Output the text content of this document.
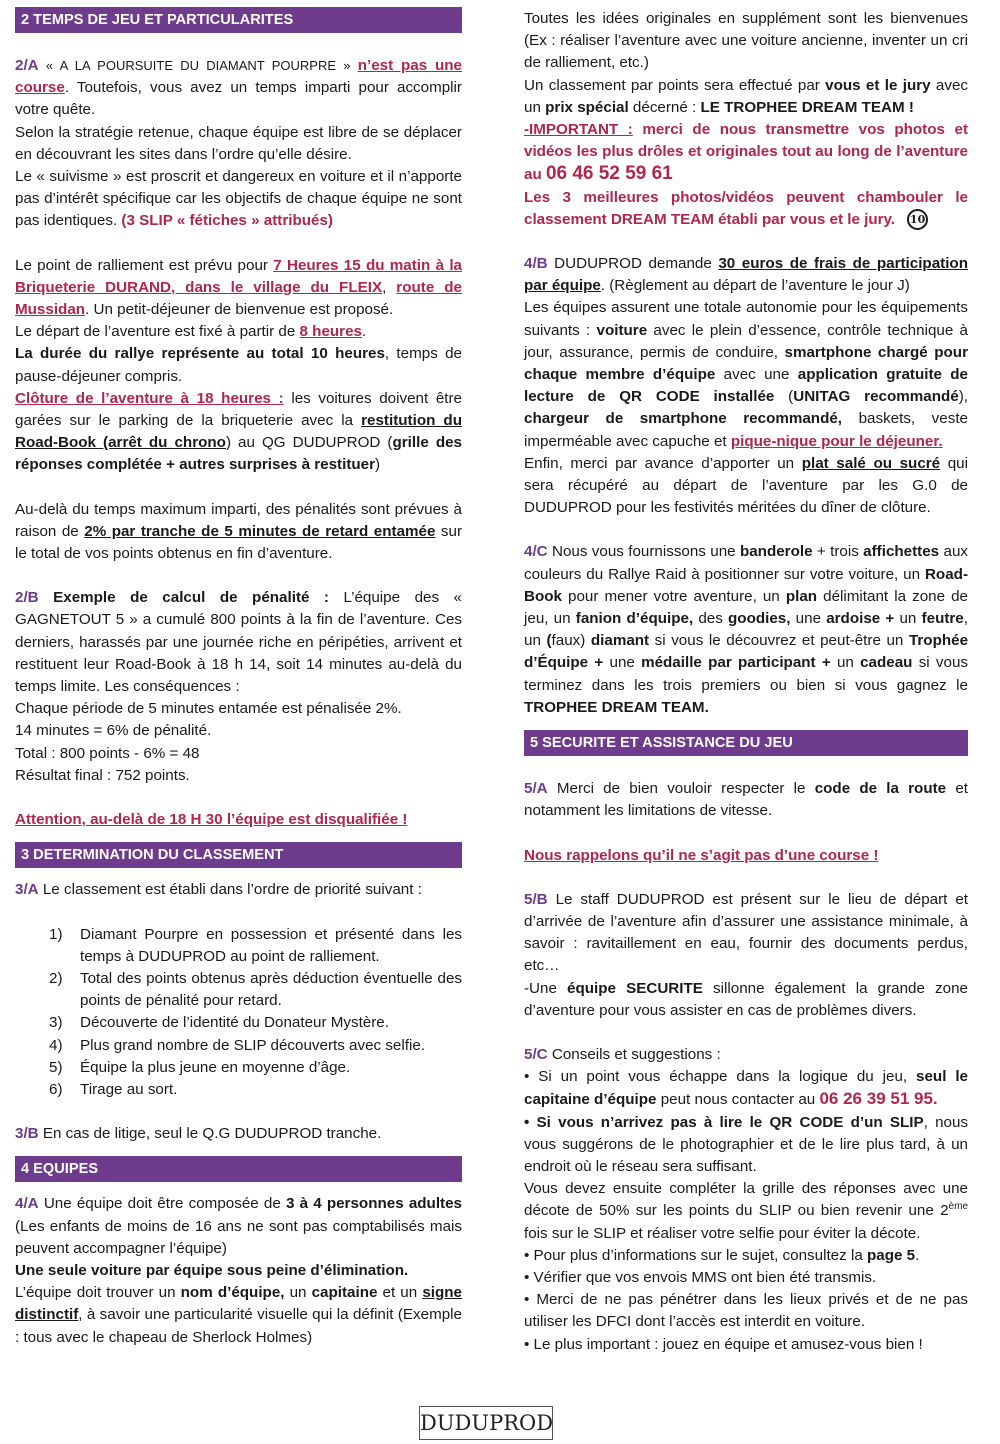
2 TEMPS DE JEU ET PARTICULARITES

2/A « A LA POURSUITE DU DIAMANT POURPRE » n’est pas une course. Toutefois, vous avez un temps imparti pour accomplir votre quête.

Selon la stratégie retenue, chaque équipe est libre de se déplacer en découvrant les sites dans l’ordre qu’elle désire.

Le « suivisme » est proscrit et dangereux en voiture et il n’apporte pas d’intérêt spécifique car les objectifs de chaque équipe ne sont pas identiques. (3 SLIP « fétiches » attribués)

Le point de ralliement est prévu pour 7 Heures 15 du matin à la Briqueterie DURAND, dans le village du FLEIX, route de Mussidan. Un petit-déjeuner de bienvenue est proposé.

Le départ de l’aventure est fixé à partir de 8 heures.

La durée du rallye représente au total 10 heures, temps de pause-déjeuner compris.

Clôture de l’aventure à 18 heures : les voitures doivent être garées sur le parking de la briqueterie avec la restitution du Road-Book (arrêt du chrono) au QG DUDUPROD (grille des réponses complétée + autres surprises à restituer)

Au-delà du temps maximum imparti, des pénalités sont prévues à raison de 2% par tranche de 5 minutes de retard entamée sur le total de vos points obtenus en fin d’aventure.

2/B Exemple de calcul de pénalité : L’équipe des « GAGNETOUT 5 » a cumulé 800 points à la fin de l’aventure. Ces derniers, harassés par une journée riche en péripéties, arrivent et restituent leur Road-Book à 18 h 14, soit 14 minutes au-delà du temps limite. Les conséquences :

Chaque période de 5 minutes entamée est pénalisée 2%.

14 minutes = 6% de pénalité.

Total : 800 points - 6% = 48

Résultat final : 752 points.

Attention, au-delà de 18 H 30 l’équipe est disqualifiée !

3 DETERMINATION DU CLASSEMENT

3/A Le classement est établi dans l’ordre de priorité suivant :

1)	Diamant Pourpre en possession et présenté dans les temps à DUDUPROD au point de ralliement.
2)	Total des points obtenus après déduction éventuelle des points de pénalité pour retard.
3)	Découverte de l’identité du Donateur Mystère.
4)	Plus grand nombre de SLIP découverts avec selfie.
5)	Équipe la plus jeune en moyenne d’âge.
6)	Tirage au sort.

3/B En cas de litige, seul le Q.G DUDUPROD tranche.

4 EQUIPES

4/A Une équipe doit être composée de 3 à 4 personnes adultes (Les enfants de moins de 16 ans ne sont pas comptabilisés mais peuvent accompagner l’équipe)

Une seule voiture par équipe sous peine d’élimination.

L’équipe doit trouver un nom d’équipe, un capitaine et un signe distinctif, à savoir une particularité visuelle qui la définit (Exemple : tous avec le chapeau de Sherlock Holmes)

Toutes les idées originales en supplément sont les bienvenues (Ex : réaliser l’aventure avec une voiture ancienne, inventer un cri de ralliement, etc.)

Un classement par points sera effectué par vous et le jury avec un prix spécial décerné : LE TROPHEE DREAM TEAM !

-IMPORTANT : merci de nous transmettre vos photos et vidéos les plus drôles et originales tout au long de l’aventure au 06 46 52 59 61

Les 3 meilleures photos/vidéos peuvent chambouler le classement DREAM TEAM établi par vous et le jury. 10

4/B DUDUPROD demande 30 euros de frais de participation par équipe. (Règlement au départ de l’aventure le jour J)

Les équipes assurent une totale autonomie pour les équipements suivants : voiture avec le plein d’essence, contrôle technique à jour, assurance, permis de conduire, smartphone chargé pour chaque membre d’équipe avec une application gratuite de lecture de QR CODE installée (UNITAG recommandé), chargeur de smartphone recommandé, baskets, veste imperméable avec capuche et pique-nique pour le déjeuner.

Enfin, merci par avance d’apporter un plat salé ou sucré qui sera récupéré au départ de l’aventure par les G.0 de DUDUPROD pour les festivités méritées du dîner de clôture.

4/C Nous vous fournissons une banderole + trois affichettes aux couleurs du Rallye Raid à positionner sur votre voiture, un Road-Book pour mener votre aventure, un plan délimitant la zone de jeu, un fanion d’équipe, des goodies, une ardoise + un feutre, un (faux) diamant si vous le découvrez et peut-être un Trophée d’Équipe + une médaille par participant + un cadeau si vous terminez dans les trois premiers ou bien si vous gagnez le TROPHEE DREAM TEAM.

5 SECURITE ET ASSISTANCE DU JEU

5/A Merci de bien vouloir respecter le code de la route et notamment les limitations de vitesse.

Nous rappelons qu’il ne s’agit pas d’une course !

5/B Le staff DUDUPROD est présent sur le lieu de départ et d’arrivée de l’aventure afin d’assurer une assistance minimale, à savoir : ravitaillement en eau, fournir des documents perdus, etc…

-Une équipe SECURITE sillonne également la grande zone d’aventure pour vous assister en cas de problèmes divers.

5/C Conseils et suggestions :

• Si un point vous échappe dans la logique du jeu, seul le capitaine d’équipe peut nous contacter au 06 26 39 51 95.

• Si vous n’arrivez pas à lire le QR CODE d’un SLIP, nous vous suggérons de le photographier et de le lire plus tard, à un endroit où le réseau sera suffisant.

Vous devez ensuite compléter la grille des réponses avec une décote de 50% sur les points du SLIP ou bien revenir une 2ème fois sur le SLIP et réaliser votre selfie pour éviter la décote.

• Pour plus d’informations sur le sujet, consultez la page 5.

• Vérifier que vos envois MMS ont bien été transmis.

• Merci de ne pas pénétrer dans les lieux privés et de ne pas utiliser les DFCI dont l’accès est interdit en voiture.

• Le plus important : jouez en équipe et amusez-vous bien !

DUDUPROD
